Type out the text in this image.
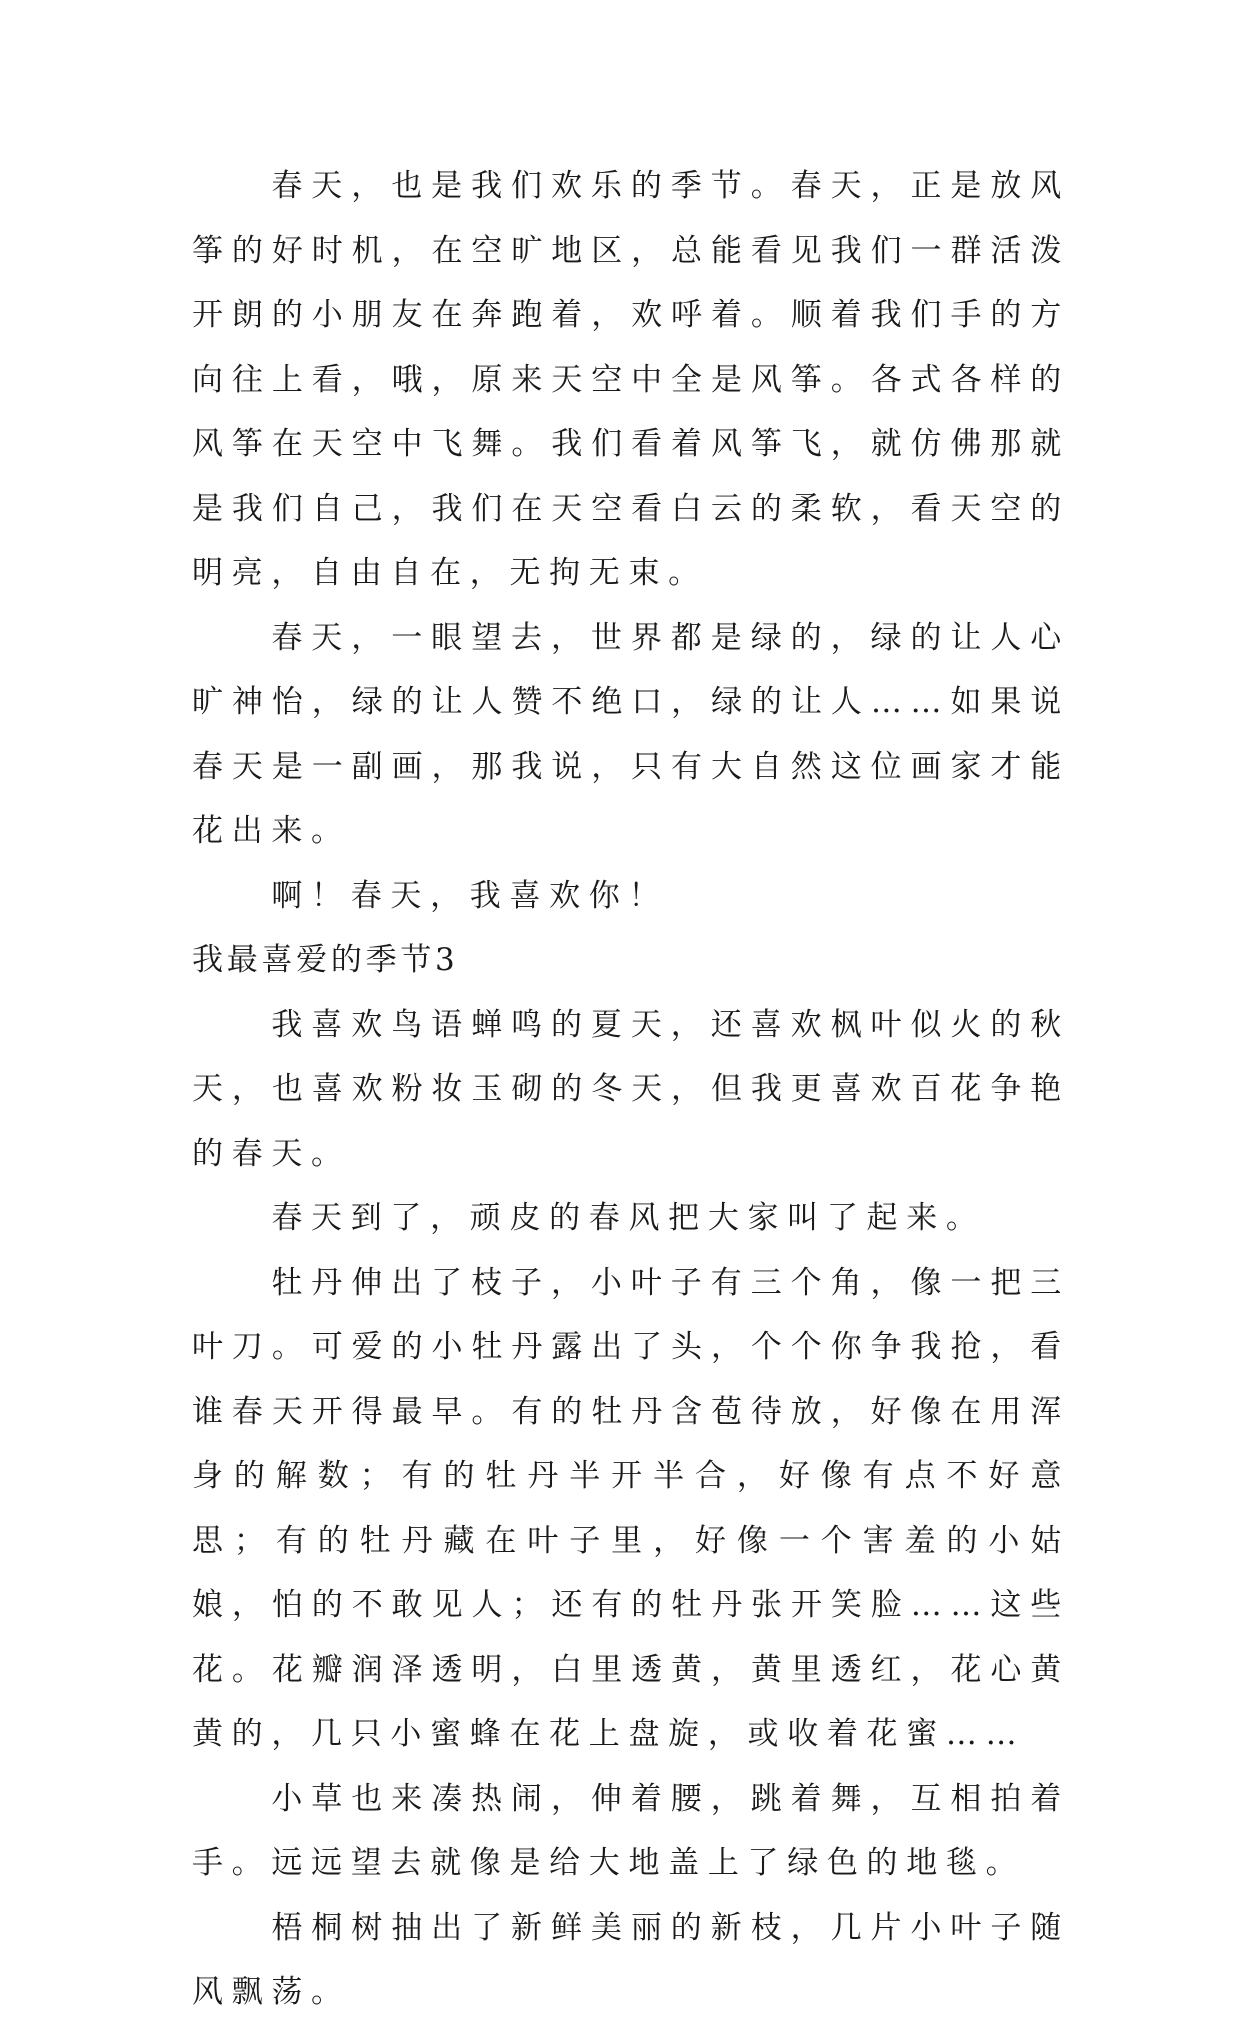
春天，也是我们欢乐的季节。春天，正是放风筝的好时机，在空旷地区，总能看见我们一群活泼开朗的小朋友在奔跑着，欢呼着。顺着我们手的方向往上看，哦，原来天空中全是风筝。各式各样的风筝在天空中飞舞。我们看着风筝飞，就仿佛那就是我们自己，我们在天空看白云的柔软，看天空的明亮，自由自在，无拘无束。

春天，一眼望去，世界都是绿的，绿的让人心旷神怡，绿的让人赞不绝口，绿的让人……如果说春天是一副画，那我说，只有大自然这位画家才能花出来。

啊！春天，我喜欢你！

我最喜爱的季节3

我喜欢鸟语蝉鸣的夏天，还喜欢枫叶似火的秋天，也喜欢粉妆玉砌的冬天，但我更喜欢百花争艳的春天。

春天到了，顽皮的春风把大家叫了起来。

牡丹伸出了枝子，小叶子有三个角，像一把三叶刀。可爱的小牡丹露出了头，个个你争我抢，看谁春天开得最早。有的牡丹含苞待放，好像在用浑身的解数；有的牡丹半开半合，好像有点不好意思；有的牡丹藏在叶子里，好像一个害羞的小姑娘，怕的不敢见人；还有的牡丹张开笑脸……这些花。花瓣润泽透明，白里透黄，黄里透红，花心黄黄的，几只小蜜蜂在花上盘旋，或收着花蜜……

小草也来凑热闹，伸着腰，跳着舞，互相拍着手。远远望去就像是给大地盖上了绿色的地毯。

梧桐树抽出了新鲜美丽的新枝，几片小叶子随风飘荡。
